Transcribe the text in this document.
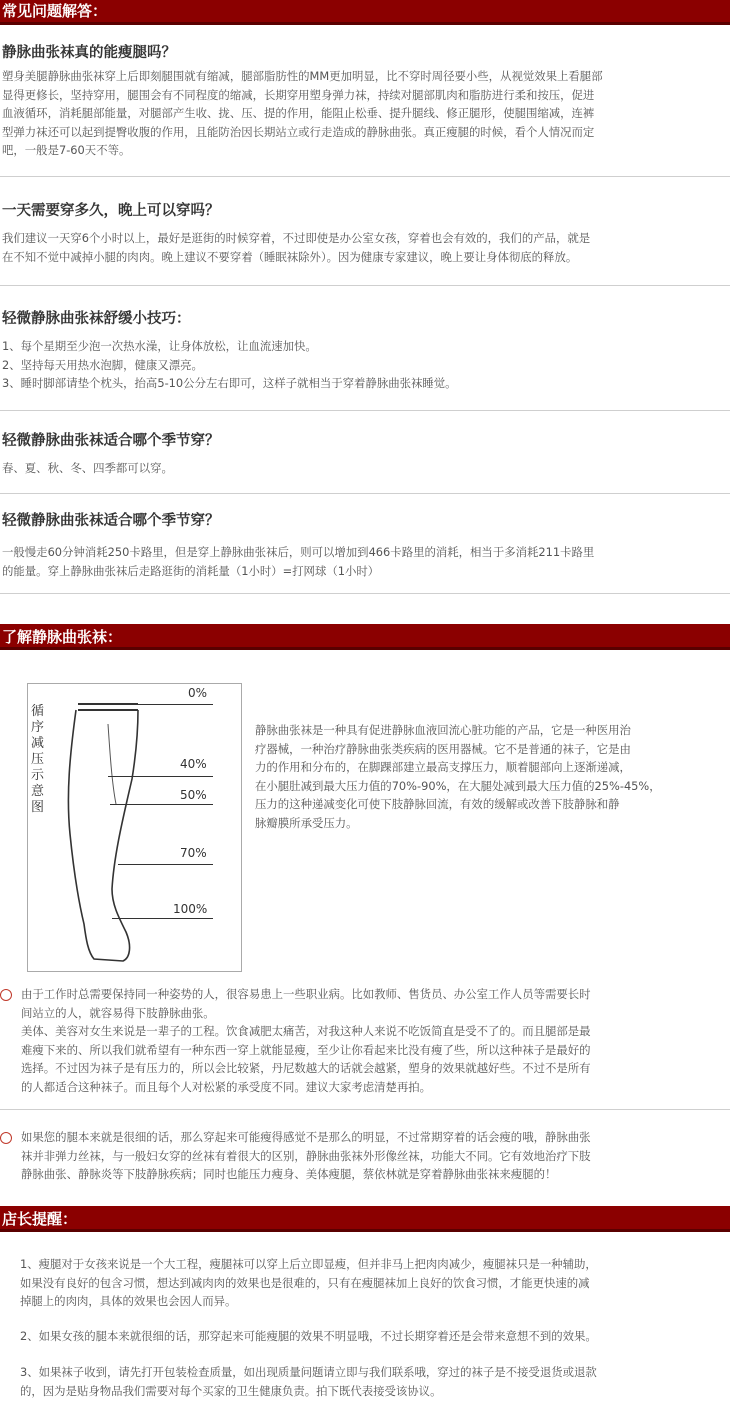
常见问题解答：
静脉曲张袜真的能瘦腿吗？
塑身美腿静脉曲张袜穿上后即刻腿围就有缩减，腿部脂肪性的MM更加明显，比不穿时周径要小些，从视觉效果上看腿部
显得更修长，坚持穿用，腿围会有不同程度的缩减，长期穿用塑身弹力袜，持续对腿部肌肉和脂肪进行柔和按压，促进
血液循环，消耗腿部能量，对腿部产生收、拢、压、提的作用，能阻止松垂、提升腿线、修正腿形，使腿围缩减，连裤
型弹力袜还可以起到提臀收腹的作用，且能防治因长期站立或行走造成的静脉曲张。真正瘦腿的时候，看个人情况而定
吧，一般是7-60天不等。
一天需要穿多久，晚上可以穿吗？
我们建议一天穿6个小时以上，最好是逛街的时候穿着，不过即使是办公室女孩，穿着也会有效的，我们的产品，就是
在不知不觉中减掉小腿的肉肉。晚上建议不要穿着（睡眠袜除外）。因为健康专家建议，晚上要让身体彻底的释放。
轻微静脉曲张袜舒缓小技巧：
1、每个星期至少泡一次热水澡，让身体放松，让血流速加快。
2、坚持每天用热水泡脚，健康又漂亮。
3、睡时脚部请垫个枕头，抬高5-10公分左右即可，这样子就相当于穿着静脉曲张袜睡觉。
轻微静脉曲张袜适合哪个季节穿？
春、夏、秋、冬、四季都可以穿。
轻微静脉曲张袜适合哪个季节穿？
一般慢走60分钟消耗250卡路里，但是穿上静脉曲张袜后，则可以增加到466卡路里的消耗，相当于多消耗211卡路里
的能量。穿上静脉曲张袜后走路逛街的消耗量（1小时）=打网球（1小时）
了解静脉曲张袜：
循序减压示意图
0%
40%
50%
70%
100%
静脉曲张袜是一种具有促进静脉血液回流心脏功能的产品，它是一种医用治
疗器械，一种治疗静脉曲张类疾病的医用器械。它不是普通的袜子，它是由
力的作用和分布的，在脚踝部建立最高支撑压力，顺着腿部向上逐渐递减，
在小腿肚减到最大压力值的70%-90%，在大腿处减到最大压力值的25%-45%，
压力的这种递减变化可使下肢静脉回流，有效的缓解或改善下肢静脉和静
脉瓣膜所承受压力。
由于工作时总需要保持同一种姿势的人，很容易患上一些职业病。比如教师、售货员、办公室工作人员等需要长时
间站立的人，就容易得下肢静脉曲张。
美体、美容对女生来说是一辈子的工程。饮食减肥太痛苦，对我这种人来说不吃饭简直是受不了的。而且腿部是最
难瘦下来的、所以我们就希望有一种东西一穿上就能显瘦，至少让你看起来比没有瘦了些，所以这种袜子是最好的
选择。不过因为袜子是有压力的，所以会比较紧，丹尼数越大的话就会越紧，塑身的效果就越好些。不过不是所有
的人都适合这种袜子。而且每个人对松紧的承受度不同。建议大家考虑清楚再拍。
如果您的腿本来就是很细的话，那么穿起来可能瘦得感觉不是那么的明显，不过常期穿着的话会瘦的哦，静脉曲张
袜并非弹力丝袜，与一般妇女穿的丝袜有着很大的区别，静脉曲张袜外形像丝袜，功能大不同。它有效地治疗下肢
静脉曲张、静脉炎等下肢静脉疾病；同时也能压力瘦身、美体瘦腿，蔡依林就是穿着静脉曲张袜来瘦腿的！
店长提醒：
1、瘦腿对于女孩来说是一个大工程，瘦腿袜可以穿上后立即显瘦，但并非马上把肉肉减少，瘦腿袜只是一种辅助，
如果没有良好的包含习惯，想达到减肉肉的效果也是很难的，只有在瘦腿袜加上良好的饮食习惯，才能更快速的减
掉腿上的肉肉，具体的效果也会因人而异。
2、如果女孩的腿本来就很细的话，那穿起来可能瘦腿的效果不明显哦，不过长期穿着还是会带来意想不到的效果。
3、如果袜子收到，请先打开包装检查质量，如出现质量问题请立即与我们联系哦，穿过的袜子是不接受退货或退款
的，因为是贴身物品我们需要对每个买家的卫生健康负责。拍下既代表接受该协议。
